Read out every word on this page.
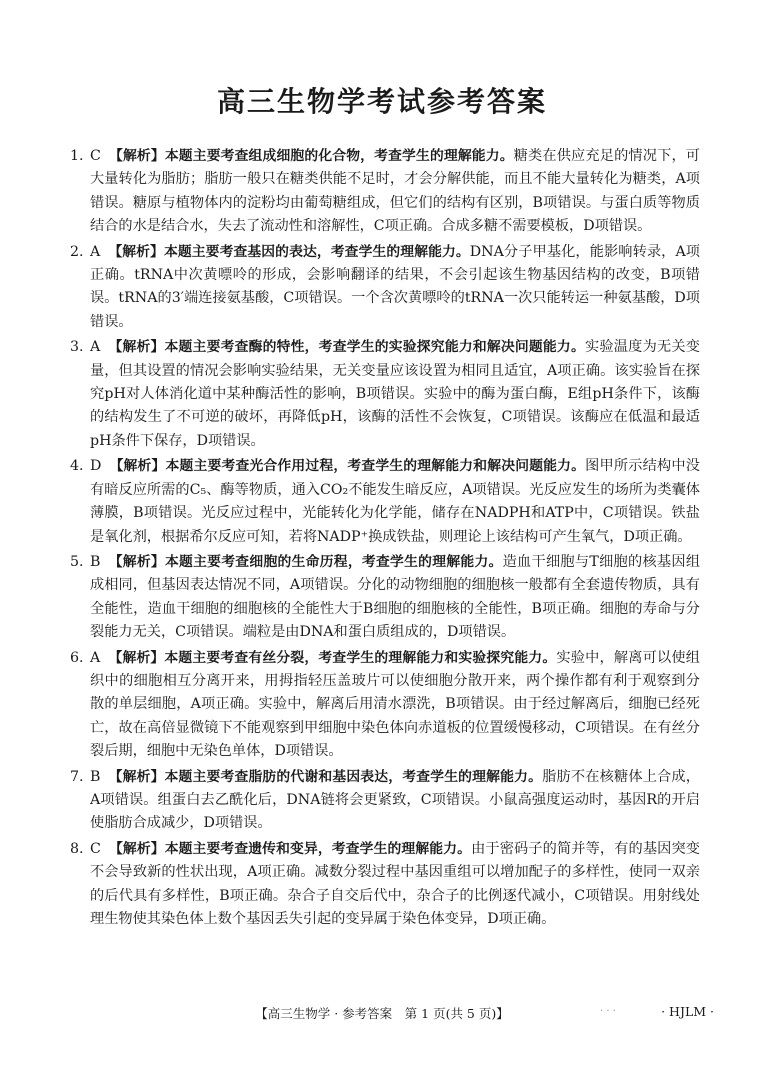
高三生物学考试参考答案
1. C 【解析】本题主要考查组成细胞的化合物，考查学生的理解能力。糖类在供应充足的情况下，可大量转化为脂肪；脂肪一般只在糖类供能不足时，才会分解供能，而且不能大量转化为糖类，A项错误。糖原与植物体内的淀粉均由葡萄糖组成，但它们的结构有区别，B项错误。与蛋白质等物质结合的水是结合水，失去了流动性和溶解性，C项正确。合成多糖不需要模板，D项错误。
2. A 【解析】本题主要考查基因的表达，考查学生的理解能力。DNA分子甲基化，能影响转录，A项正确。tRNA中次黄嘌呤的形成，会影响翻译的结果，不会引起该生物基因结构的改变，B项错误。tRNA的3′端连接氨基酸，C项错误。一个含次黄嘌呤的tRNA一次只能转运一种氨基酸，D项错误。
3. A 【解析】本题主要考查酶的特性，考查学生的实验探究能力和解决问题能力。实验温度为无关变量，但其设置的情况会影响实验结果，无关变量应该设置为相同且适宜，A项正确。该实验旨在探究pH对人体消化道中某种酶活性的影响，B项错误。实验中的酶为蛋白酶，E组pH条件下，该酶的结构发生了不可逆的破坏，再降低pH，该酶的活性不会恢复，C项错误。该酶应在低温和最适pH条件下保存，D项错误。
4. D 【解析】本题主要考查光合作用过程，考查学生的理解能力和解决问题能力。图甲所示结构中没有暗反应所需的C₅、酶等物质，通入CO₂不能发生暗反应，A项错误。光反应发生的场所为类囊体薄膜，B项错误。光反应过程中，光能转化为化学能，储存在NADPH和ATP中，C项错误。铁盐是氧化剂，根据希尔反应可知，若将NADP⁺换成铁盐，则理论上该结构可产生氧气，D项正确。
5. B 【解析】本题主要考查细胞的生命历程，考查学生的理解能力。造血干细胞与T细胞的核基因组成相同，但基因表达情况不同，A项错误。分化的动物细胞的细胞核一般都有全套遗传物质，具有全能性，造血干细胞的细胞核的全能性大于B细胞的细胞核的全能性，B项正确。细胞的寿命与分裂能力无关，C项错误。端粒是由DNA和蛋白质组成的，D项错误。
6. A 【解析】本题主要考查有丝分裂，考查学生的理解能力和实验探究能力。实验中，解离可以使组织中的细胞相互分离开来，用拇指轻压盖玻片可以使细胞分散开来，两个操作都有利于观察到分散的单层细胞，A项正确。实验中，解离后用清水漂洗，B项错误。由于经过解离后，细胞已经死亡，故在高倍显微镜下不能观察到甲细胞中染色体向赤道板的位置缓慢移动，C项错误。在有丝分裂后期，细胞中无染色单体，D项错误。
7. B 【解析】本题主要考查脂肪的代谢和基因表达，考查学生的理解能力。脂肪不在核糖体上合成，A项错误。组蛋白去乙酰化后，DNA链将会更紧致，C项错误。小鼠高强度运动时，基因R的开启使脂肪合成减少，D项错误。
8. C 【解析】本题主要考查遗传和变异，考查学生的理解能力。由于密码子的简并等，有的基因突变不会导致新的性状出现，A项正确。减数分裂过程中基因重组可以增加配子的多样性，使同一双亲的后代具有多样性，B项正确。杂合子自交后代中，杂合子的比例逐代减小，C项错误。用射线处理生物使其染色体上数个基因丢失引起的变异属于染色体变异，D项正确。
【高三生物学 · 参考答案　第 1 页(共 5 页)】	· · ·	· HJLM ·
